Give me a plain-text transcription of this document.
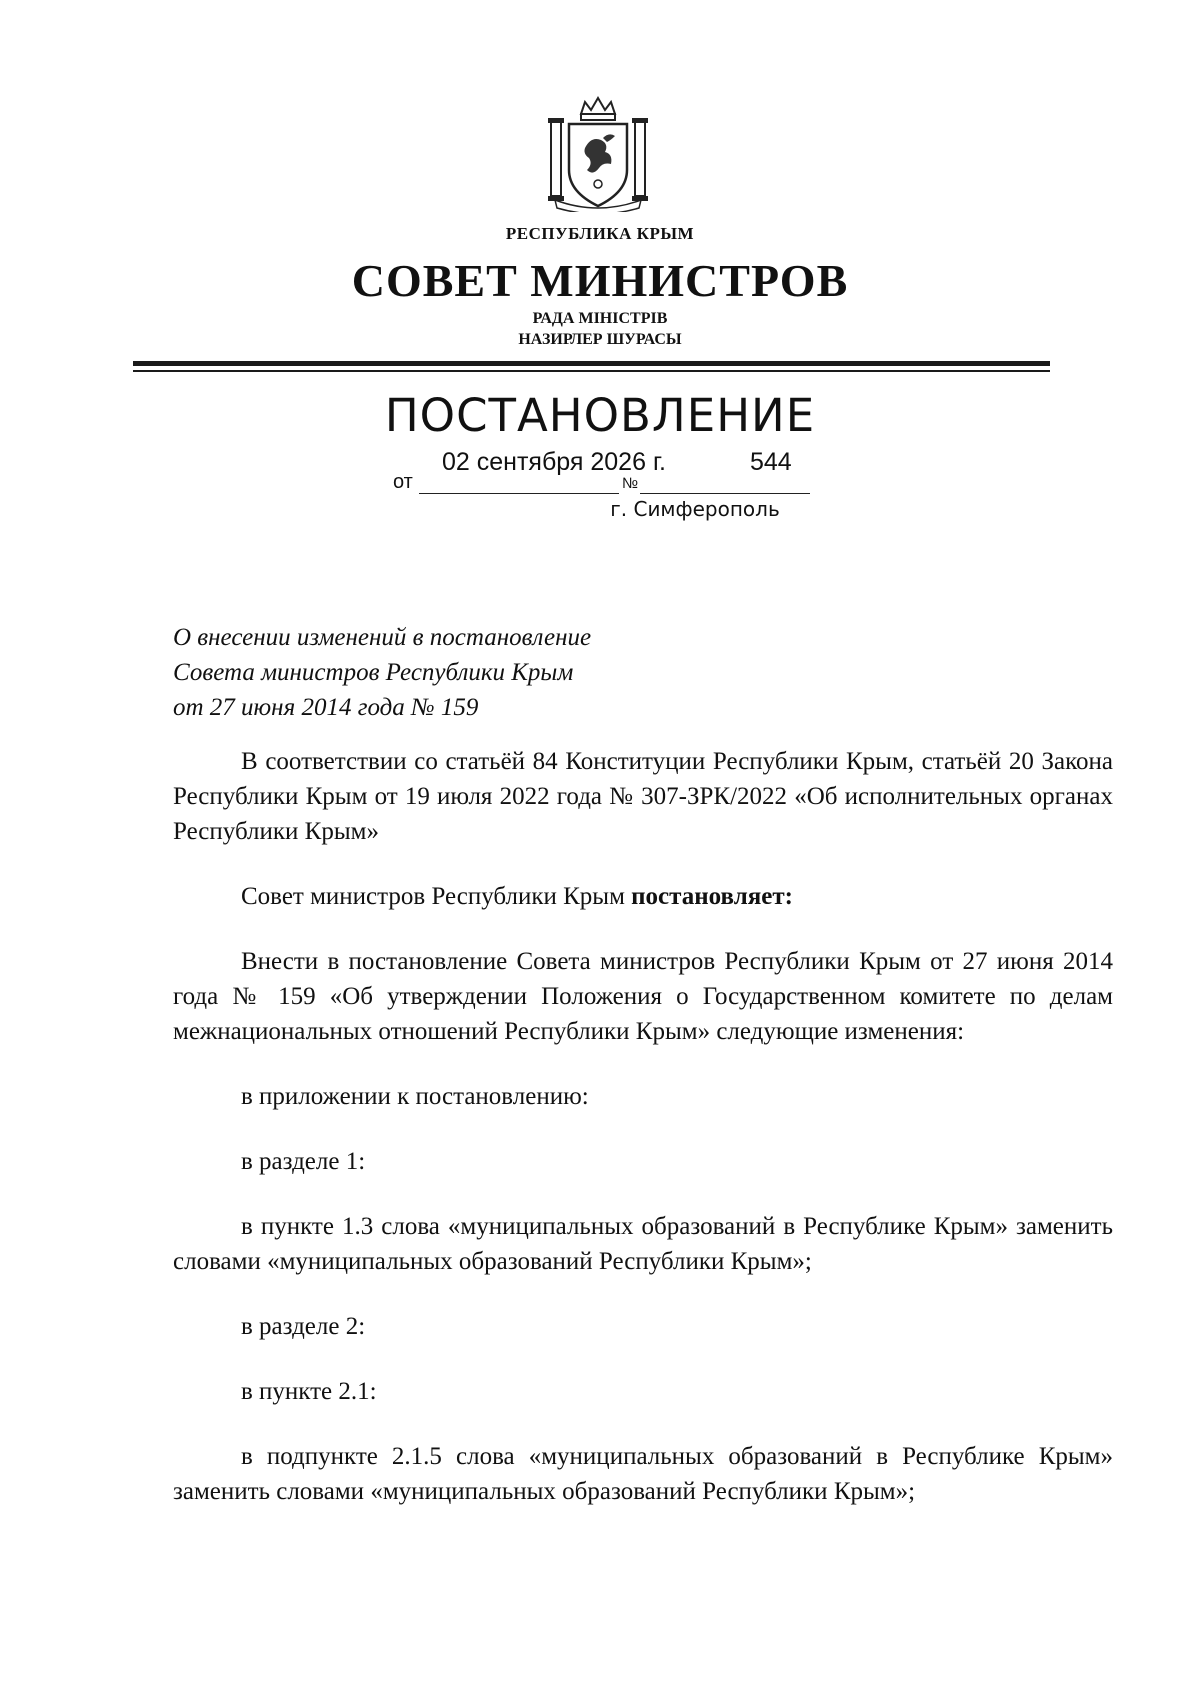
РЕСПУБЛИКА КРЫМ
СОВЕТ МИНИСТРОВ
РАДА МІНІСТРІВ
НАЗИРЛЕР ШУРАСЫ
ПОСТАНОВЛЕНИЕ
от
02 сентября 2026 г.
№
544
г. Симферополь
О внесении изменений в постановление
Совета министров Республики Крым
от 27 июня 2014 года № 159

В соответствии со статьёй 84 Конституции Республики Крым, статьёй 20 Закона Республики Крым от 19 июля 2022 года № 307-ЗРК/2022 «Об исполнительных органах Республики Крым»

Совет министров Республики Крым постановляет:

Внести в постановление Совета министров Республики Крым от 27 июня 2014 года № 159 «Об утверждении Положения о Государственном комитете по делам межнациональных отношений Республики Крым» следующие изменения:

в приложении к постановлению:

в разделе 1:

в пункте 1.3 слова «муниципальных образований в Республике Крым» заменить словами «муниципальных образований Республики Крым»;

в разделе 2:

в пункте 2.1:

в подпункте 2.1.5 слова «муниципальных образований в Республике Крым» заменить словами «муниципальных образований Республики Крым»;
